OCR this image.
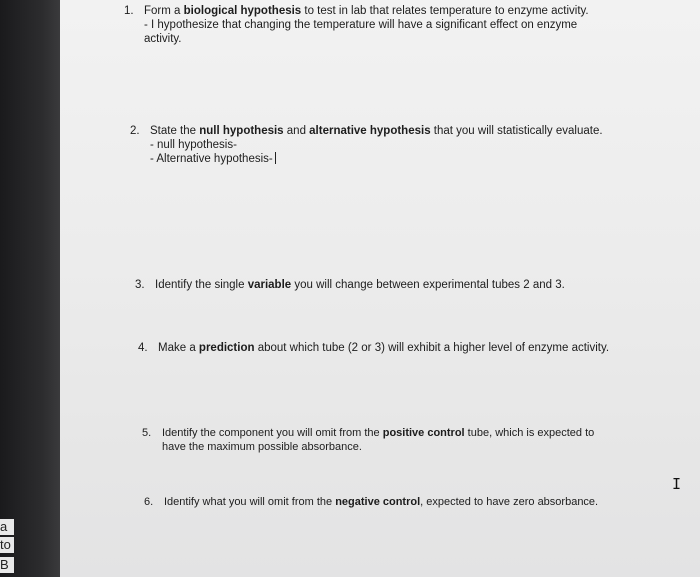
a
to
B
1. Form a biological hypothesis to test in lab that relates temperature to enzyme activity.
- I hypothesize that changing the temperature will have a significant effect on enzyme
activity.
2. State the null hypothesis and alternative hypothesis that you will statistically evaluate.
- null hypothesis-
- Alternative hypothesis-
3. Identify the single variable you will change between experimental tubes 2 and 3.
4. Make a prediction about which tube (2 or 3) will exhibit a higher level of enzyme activity.
5. Identify the component you will omit from the positive control tube, which is expected to
have the maximum possible absorbance.
6. Identify what you will omit from the negative control, expected to have zero absorbance.
I
